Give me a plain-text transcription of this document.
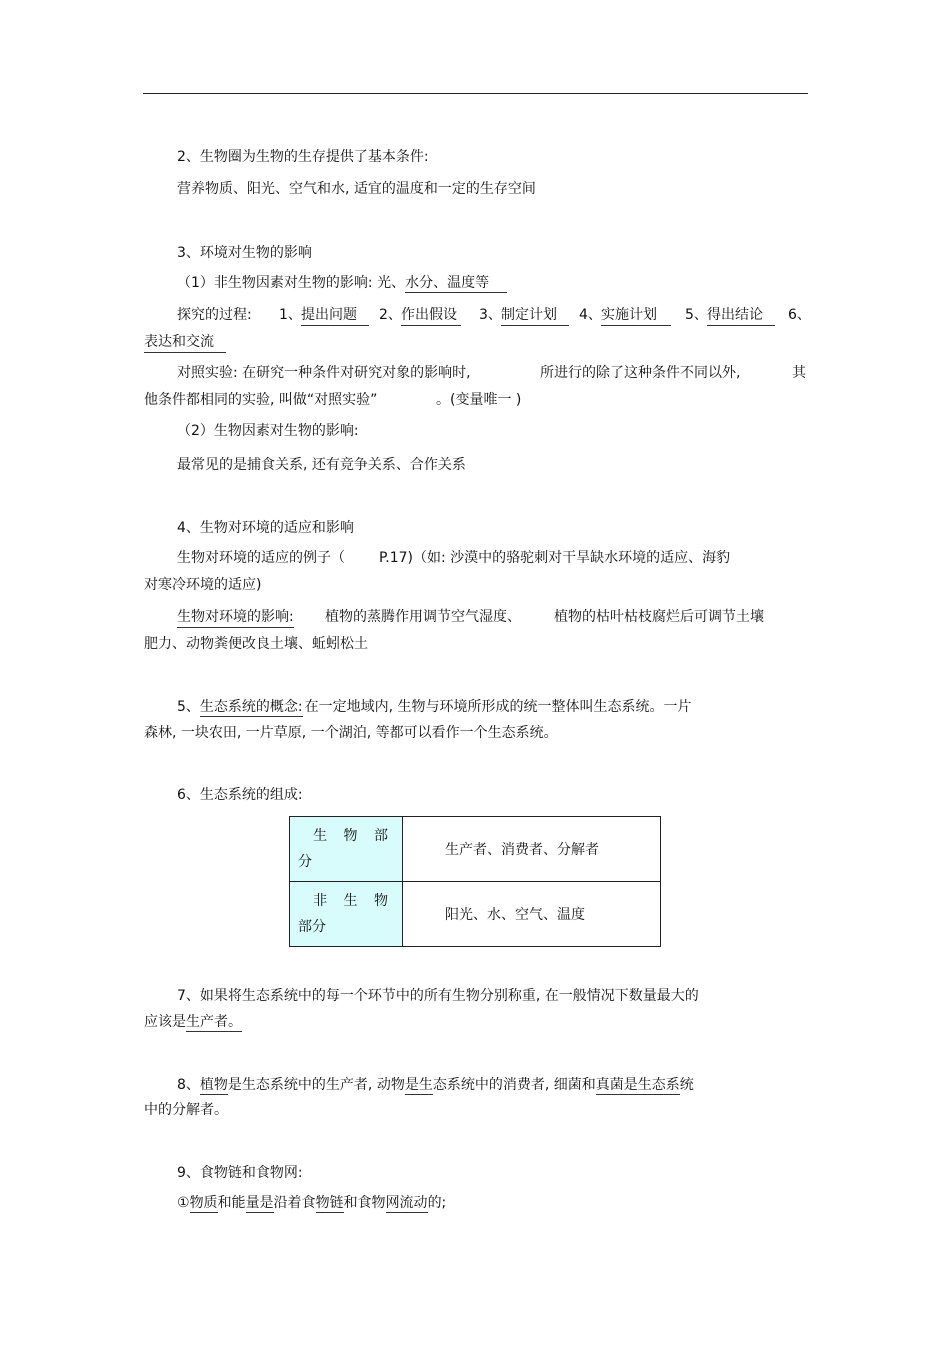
2、生物圈为生物的生存提供了基本条件:
营养物质、阳光、空气和水, 适宜的温度和一定的生存空间
3、环境对生物的影响
（1）非生物因素对生物的影响: 光、水分、温度等
探究的过程: 1、 提出问题	2、 作出假设 3、 制定计划	4、 实施计划	5、 得出结论	6、
表达和交流
对照实验: 在研究一种条件对研究对象的影响时,	所进行的除了这种条件不同以外,	其
他条件都相同的实验, 叫做“对照实验”	。(变量唯一 )
（2）生物因素对生物的影响:
最常见的是捕食关系, 还有竞争关系、合作关系
4、生物对环境的适应和影响
生物对环境的适应的例子（ P.17)（如: 沙漠中的骆驼刺对干旱缺水环境的适应、海豹
对寒冷环境的适应)
生物对环境的影响: 植物的蒸腾作用调节空气湿度、 植物的枯叶枯枝腐烂后可调节土壤
肥力、动物粪便改良土壤、蚯蚓松土
5、生态系统的概念: 在一定地域内, 生物与环境所形成的统一整体叫生态系统。一片
森林, 一块农田, 一片草原, 一个湖泊, 等都可以看作一个生态系统。
6、生态系统的组成:
生 物 部
分	生产者、消费者、分解者

非 生 物
部分	阳光、水、空气、温度
7、如果将生态系统中的每一个环节中的所有生物分别称重, 在一般情况下数量最大的
应该是生产者。
8、植物是生态系统中的生产者, 动物是生态系统中的消费者, 细菌和真菌是生态系统
中的分解者。
9、食物链和食物网:
①物质和能量是沿着食物链和食物网流动的;
